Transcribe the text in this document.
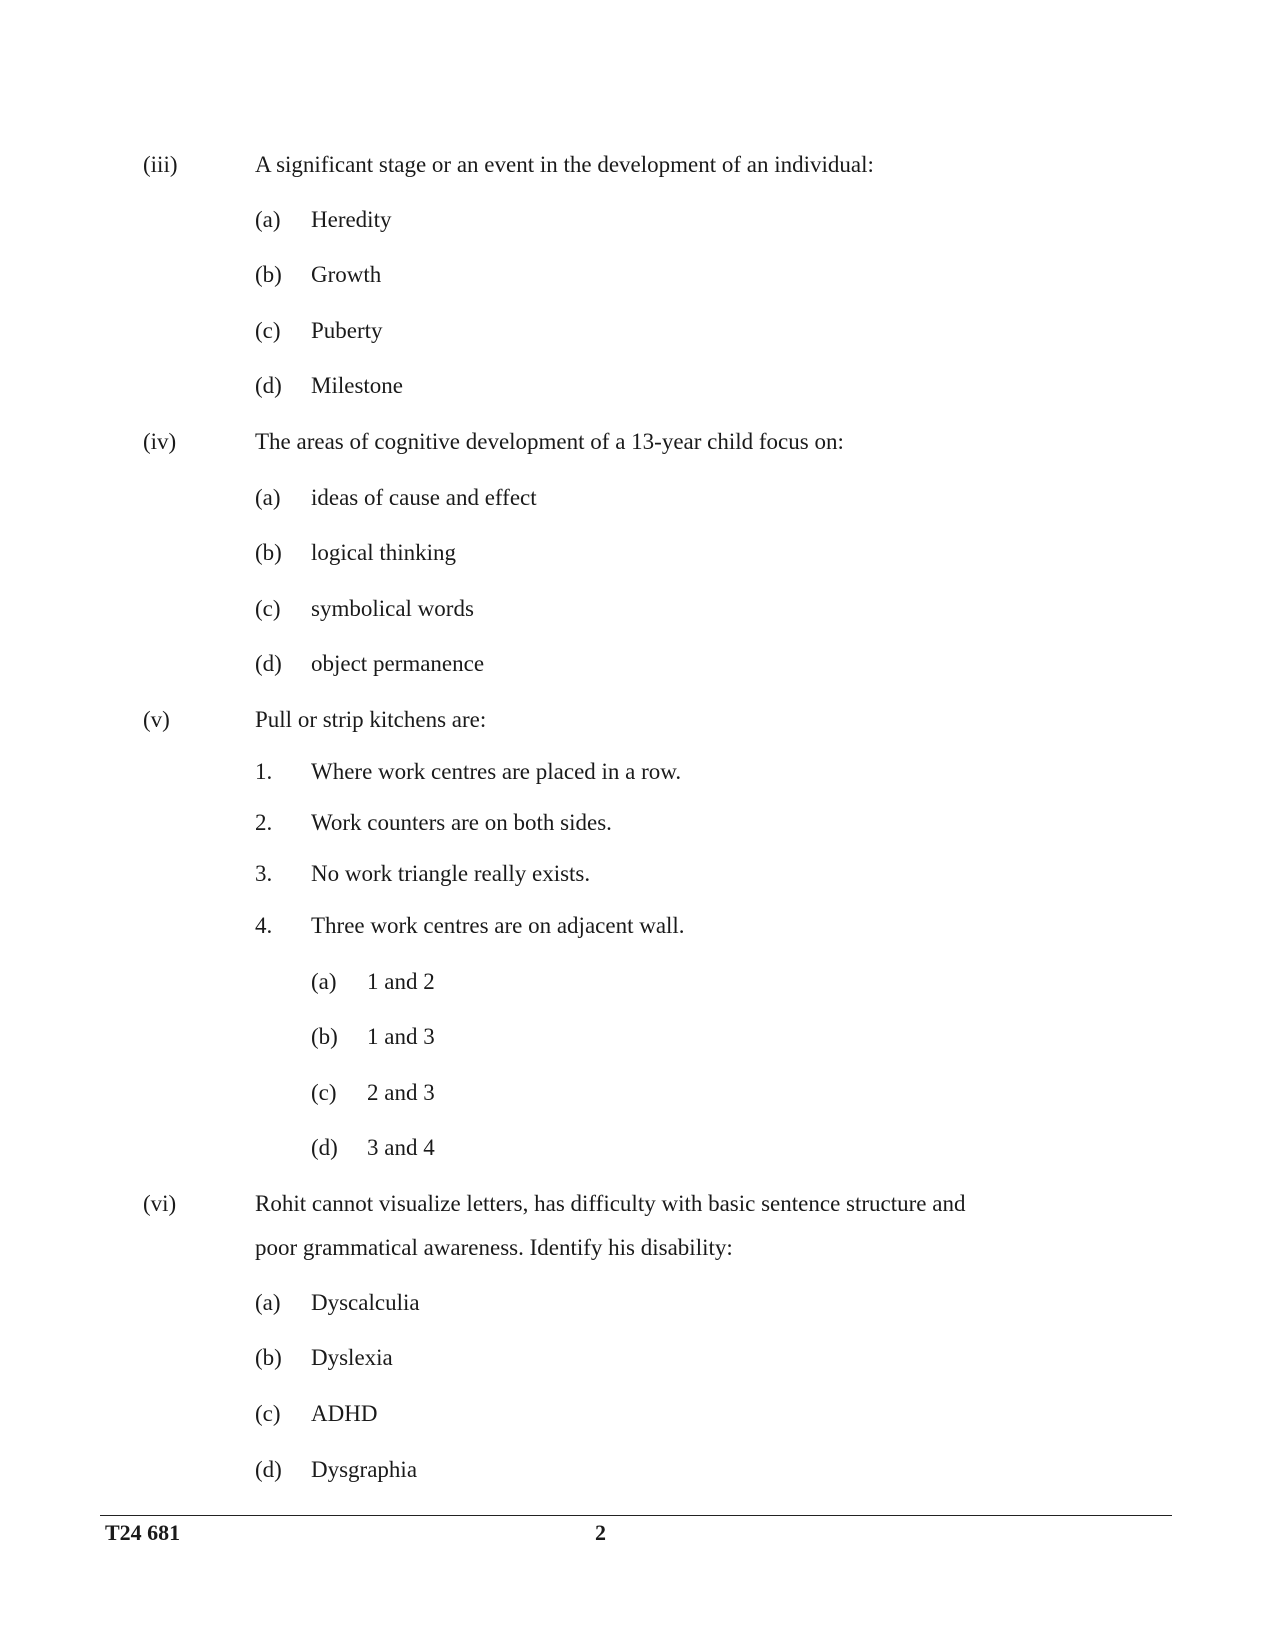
(iii)	A significant stage or an event in the development of an individual:
(a) Heredity
(b) Growth
(c) Puberty
(d) Milestone
(iv)	The areas of cognitive development of a 13-year child focus on:
(a) ideas of cause and effect
(b) logical thinking
(c) symbolical words
(d) object permanence
(v)	Pull or strip kitchens are:
1. Where work centres are placed in a row.
2. Work counters are on both sides.
3. No work triangle really exists.
4. Three work centres are on adjacent wall.
(a) 1 and 2
(b) 1 and 3
(c) 2 and 3
(d) 3 and 4
(vi)	Rohit cannot visualize letters, has difficulty with basic sentence structure and
poor grammatical awareness. Identify his disability:
(a) Dyscalculia
(b) Dyslexia
(c) ADHD
(d) Dysgraphia
T24 681	2
